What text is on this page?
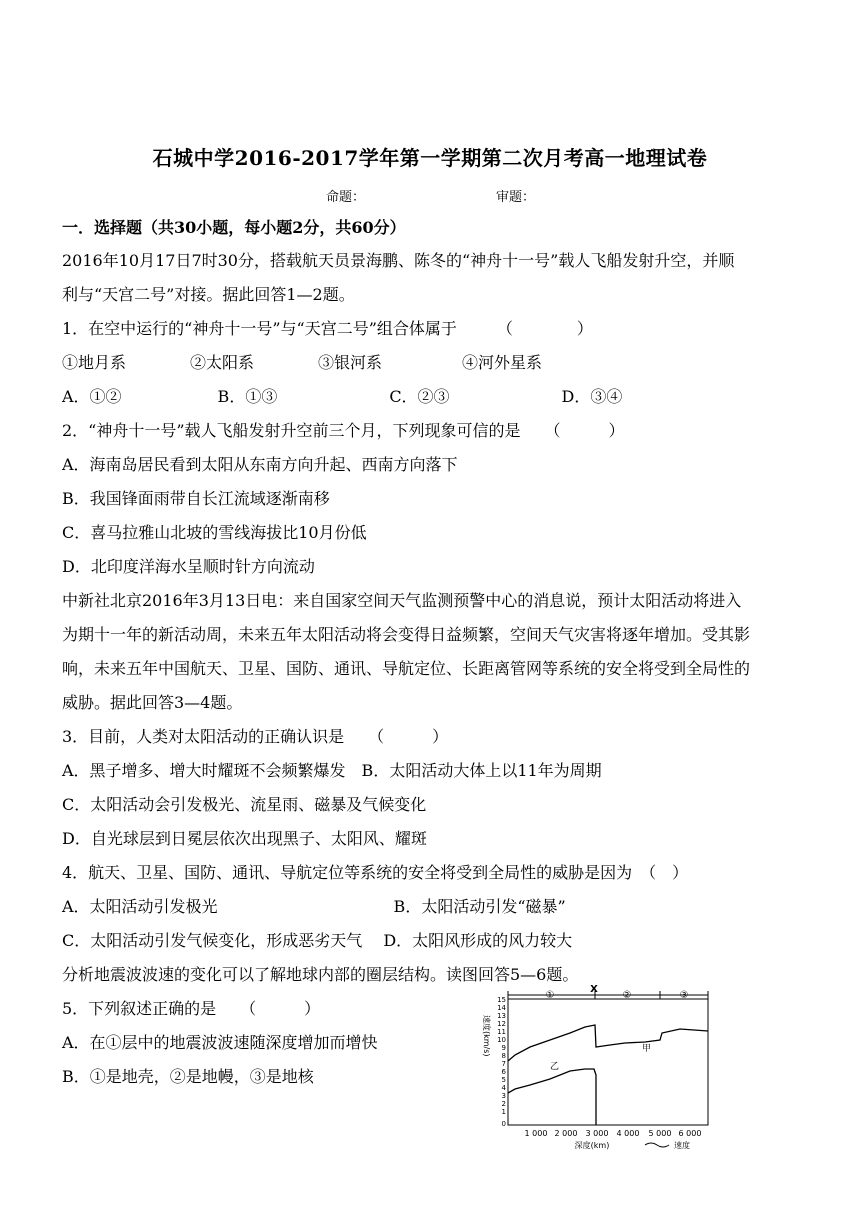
石城中学2016-2017学年第一学期第二次月考高一地理试卷
命题：	审题：
一．选择题（共30小题，每小题2分，共60分）
2016年10月17日7时30分，搭载航天员景海鹏、陈冬的“神舟十一号”载人飞船发射升空，并顺
利与“天宫二号”对接。据此回答1—2题。
1．在空中运行的“神舟十一号”与“天宫二号”组合体属于　　　（　　　　）
①地月系　　　　②太阳系　　　　③银河系　　　　　④河外星系
A．①②　　　　　　B．①③　　　　　　　C．②③　　　　　　　D．③④
2．“神舟十一号”载人飞船发射升空前三个月，下列现象可信的是　　（　　　）
A．海南岛居民看到太阳从东南方向升起、西南方向落下
B．我国锋面雨带自长江流域逐渐南移
C．喜马拉雅山北坡的雪线海拔比10月份低
D．北印度洋海水呈顺时针方向流动
中新社北京2016年3月13日电：来自国家空间天气监测预警中心的消息说，预计太阳活动将进入
为期十一年的新活动周，未来五年太阳活动将会变得日益频繁，空间天气灾害将逐年增加。受其影
响，未来五年中国航天、卫星、国防、通讯、导航定位、长距离管网等系统的安全将受到全局性的
威胁。据此回答3—4题。
3．目前，人类对太阳活动的正确认识是　　（　　　）
A．黑子增多、增大时耀斑不会频繁爆发　B．太阳活动大体上以11年为周期
C．太阳活动会引发极光、流星雨、磁暴及气候变化
D．自光球层到日冕层依次出现黑子、太阳风、耀斑
4．航天、卫星、国防、通讯、导航定位等系统的安全将受到全局性的威胁是因为　（　）
A．太阳活动引发极光　　　　　　　　　　　B．太阳活动引发“磁暴”
C．太阳活动引发气候变化，形成恶劣天气　 D．太阳风形成的风力较大
分析地震波波速的变化可以了解地球内部的圈层结构。读图回答5—6题。
5．下列叙述正确的是　　（　　　）
A．在①层中的地震波波速随深度增加而增快
B．①是地壳，②是地幔，③是地核
①
X
②	③
速度(km/s)
15
14
13
12
11
10
9
8
7
6
5
4
3
2
1
0
1 000 2 000 3 000 4 000 5 000 6 000
深度(km)	速度
甲
乙
